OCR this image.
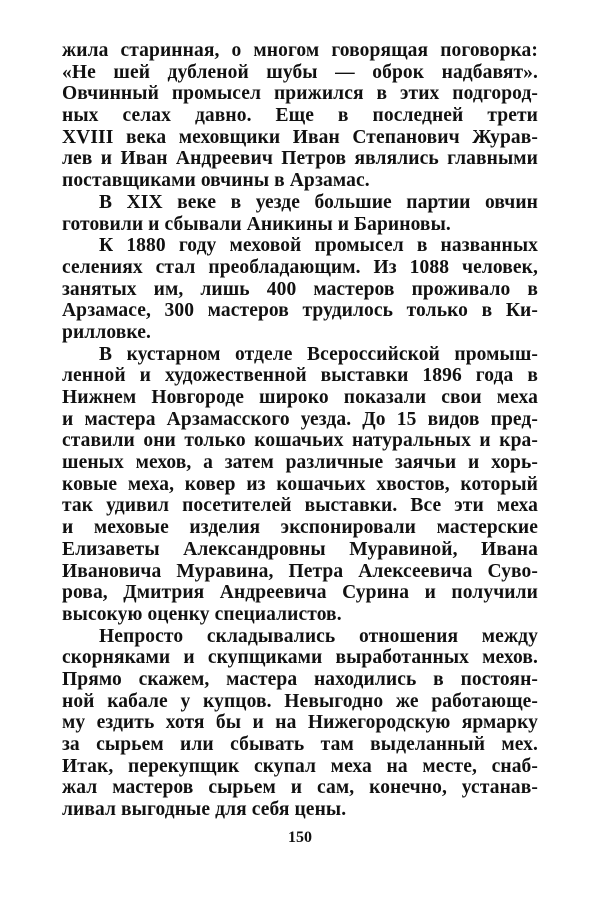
жила старинная, о многом говорящая поговорка:
«Не шей дубленой шубы — оброк надбавят».
Овчинный промысел прижился в этих подгород-
ных селах давно. Еще в последней трети
XVIII века меховщики Иван Степанович Журав-
лев и Иван Андреевич Петров являлись главными
поставщиками овчины в Арзамас.
В XIX веке в уезде большие партии овчин
готовили и сбывали Аникины и Бариновы.
К 1880 году меховой промысел в названных
селениях стал преобладающим. Из 1088 человек,
занятых им, лишь 400 мастеров проживало в
Арзамасе, 300 мастеров трудилось только в Ки-
рилловке.
В кустарном отделе Всероссийской промыш-
ленной и художественной выставки 1896 года в
Нижнем Новгороде широко показали свои меха
и мастера Арзамасского уезда. До 15 видов пред-
ставили они только кошачьих натуральных и кра-
шеных мехов, а затем различные заячьи и хорь-
ковые меха, ковер из кошачьих хвостов, который
так удивил посетителей выставки. Все эти меха
и меховые изделия экспонировали мастерские
Елизаветы Александровны Муравиной, Ивана
Ивановича Муравина, Петра Алексеевича Суво-
рова, Дмитрия Андреевича Сурина и получили
высокую оценку специалистов.
Непросто складывались отношения между
скорняками и скупщиками выработанных мехов.
Прямо скажем, мастера находились в постоян-
ной кабале у купцов. Невыгодно же работающе-
му ездить хотя бы и на Нижегородскую ярмарку
за сырьем или сбывать там выделанный мех.
Итак, перекупщик скупал меха на месте, снаб-
жал мастеров сырьем и сам, конечно, устанав-
ливал выгодные для себя цены.
150
